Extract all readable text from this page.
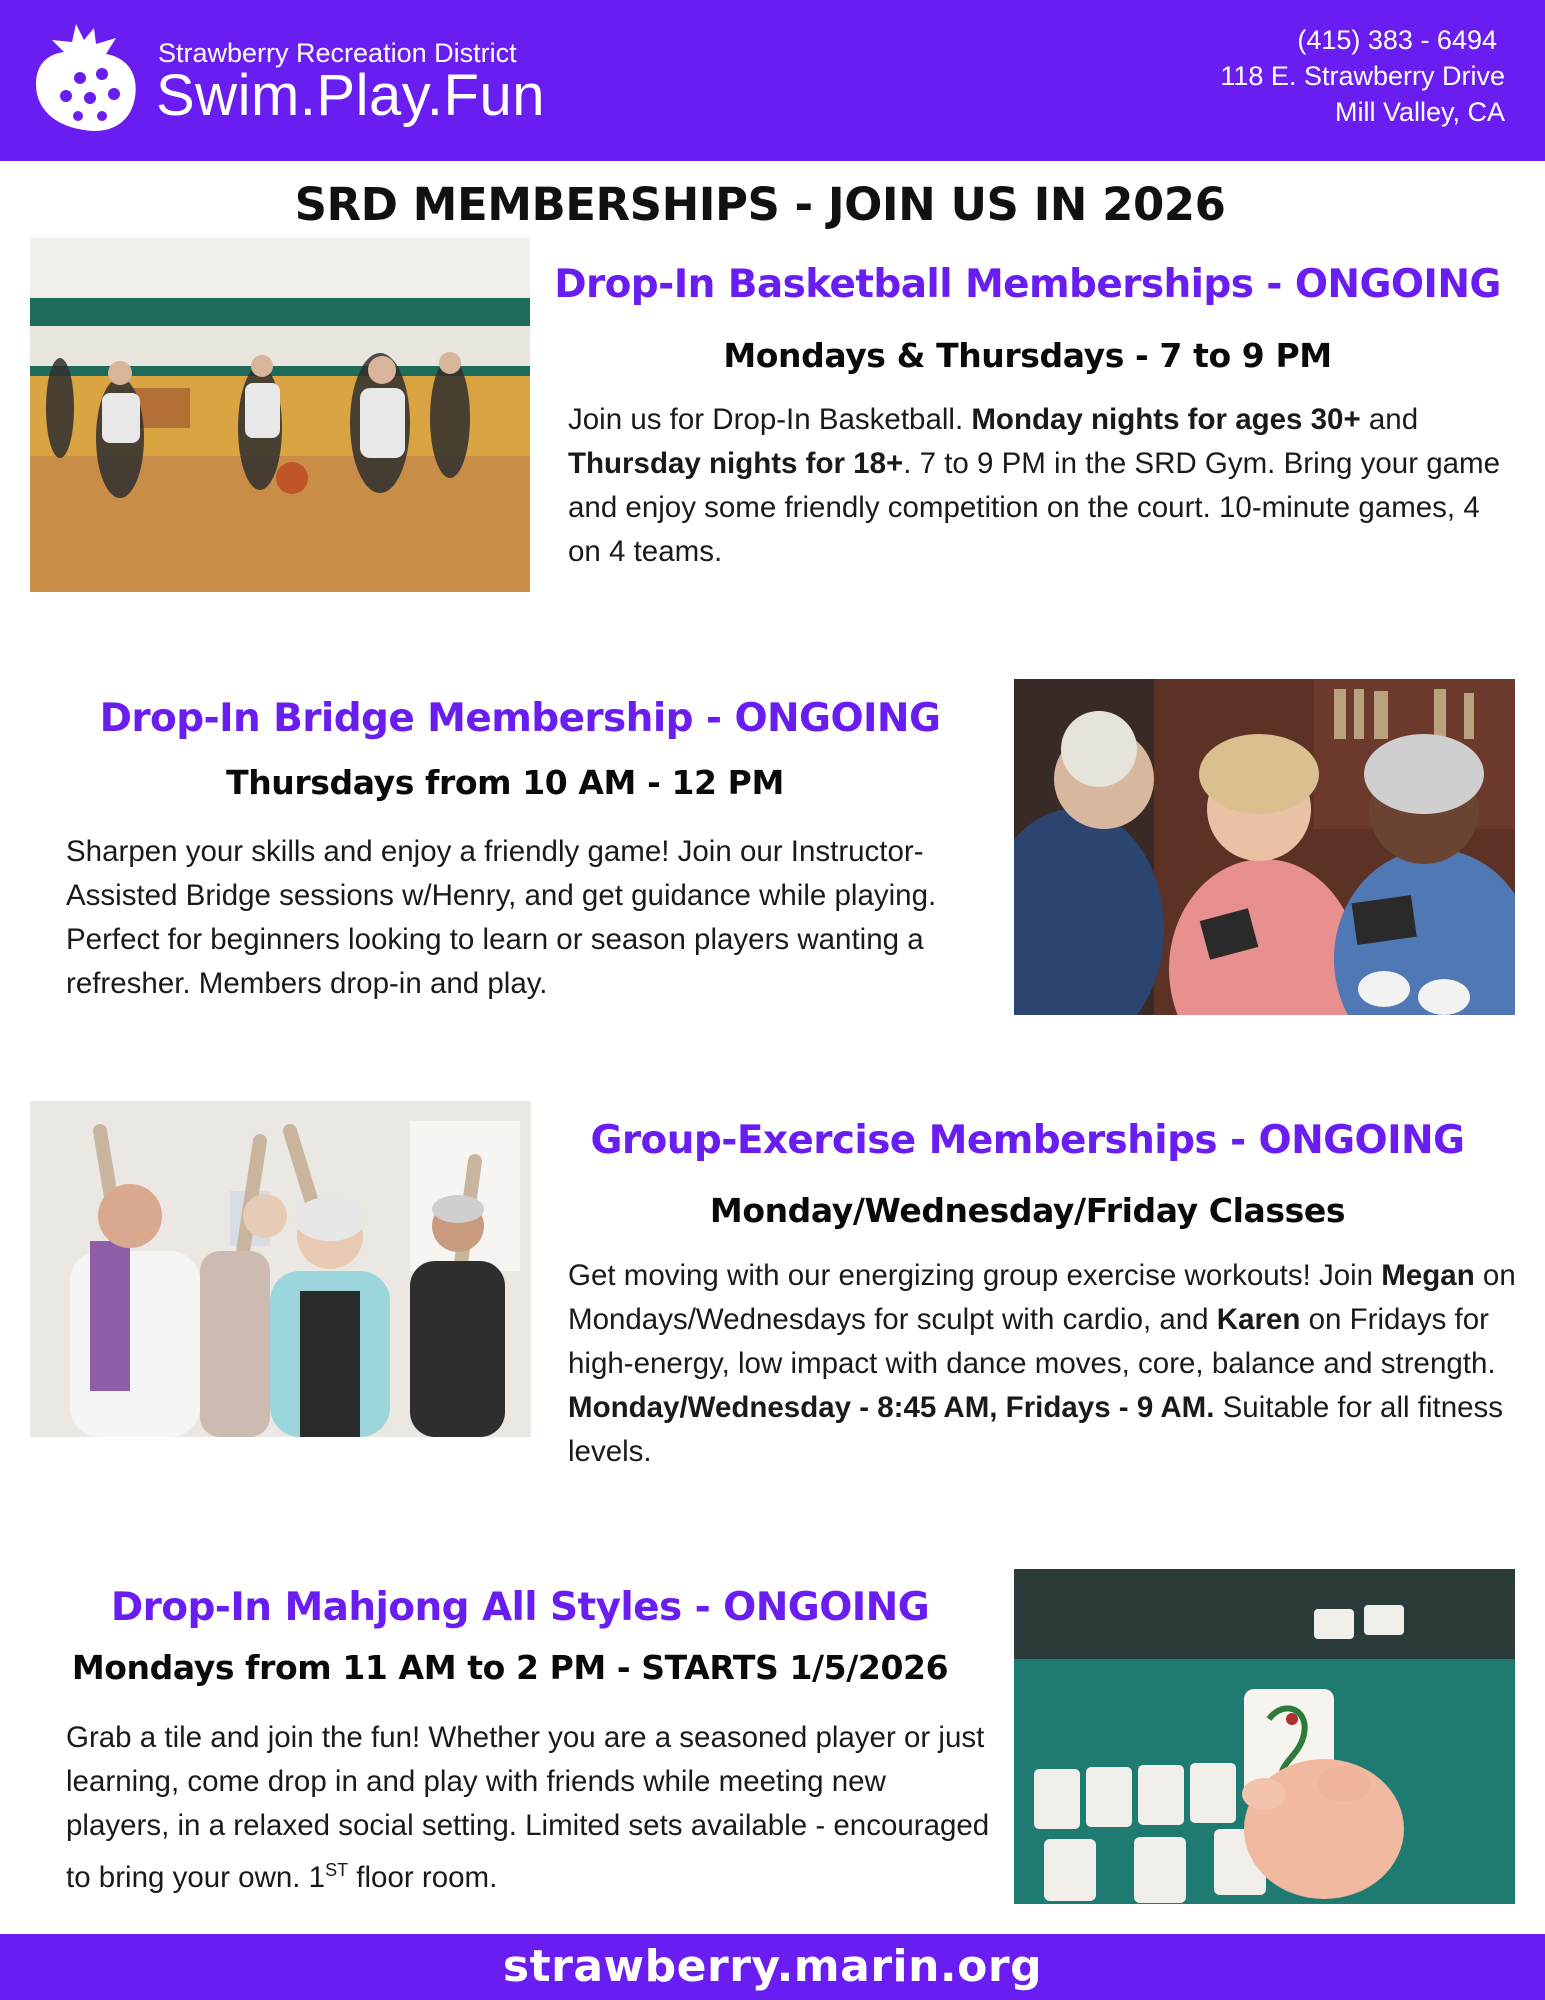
Strawberry Recreation District
Swim.Play.Fun
(415) 383 - 6494
118 E. Strawberry Drive
Mill Valley, CA
SRD MEMBERSHIPS - JOIN US IN 2026
Drop-In Basketball Memberships - ONGOING
Mondays & Thursdays - 7 to 9 PM
Join us for Drop-In Basketball. Monday nights for ages 30+ and Thursday nights for 18+. 7 to 9 PM in the SRD Gym. Bring your game and enjoy some friendly competition on the court. 10-minute games, 4 on 4 teams.
Drop-In Bridge Membership - ONGOING
Thursdays from 10 AM - 12 PM
Sharpen your skills and enjoy a friendly game! Join our Instructor-Assisted Bridge sessions w/Henry, and get guidance while playing. Perfect for beginners looking to learn or season players wanting a refresher. Members drop-in and play.
Group-Exercise Memberships - ONGOING
Monday/Wednesday/Friday Classes
Get moving with our energizing group exercise workouts! Join Megan on Mondays/Wednesdays for sculpt with cardio, and Karen on Fridays for high-energy, low impact with dance moves, core, balance and strength. Monday/Wednesday - 8:45 AM, Fridays - 9 AM. Suitable for all fitness levels.
Drop-In Mahjong All Styles - ONGOING
Mondays from 11 AM to 2 PM - STARTS 1/5/2026
Grab a tile and join the fun! Whether you are a seasoned player or just learning, come drop in and play with friends while meeting new players, in a relaxed social setting. Limited sets available - encouraged to bring your own. 1ST floor room.
strawberry.marin.org
